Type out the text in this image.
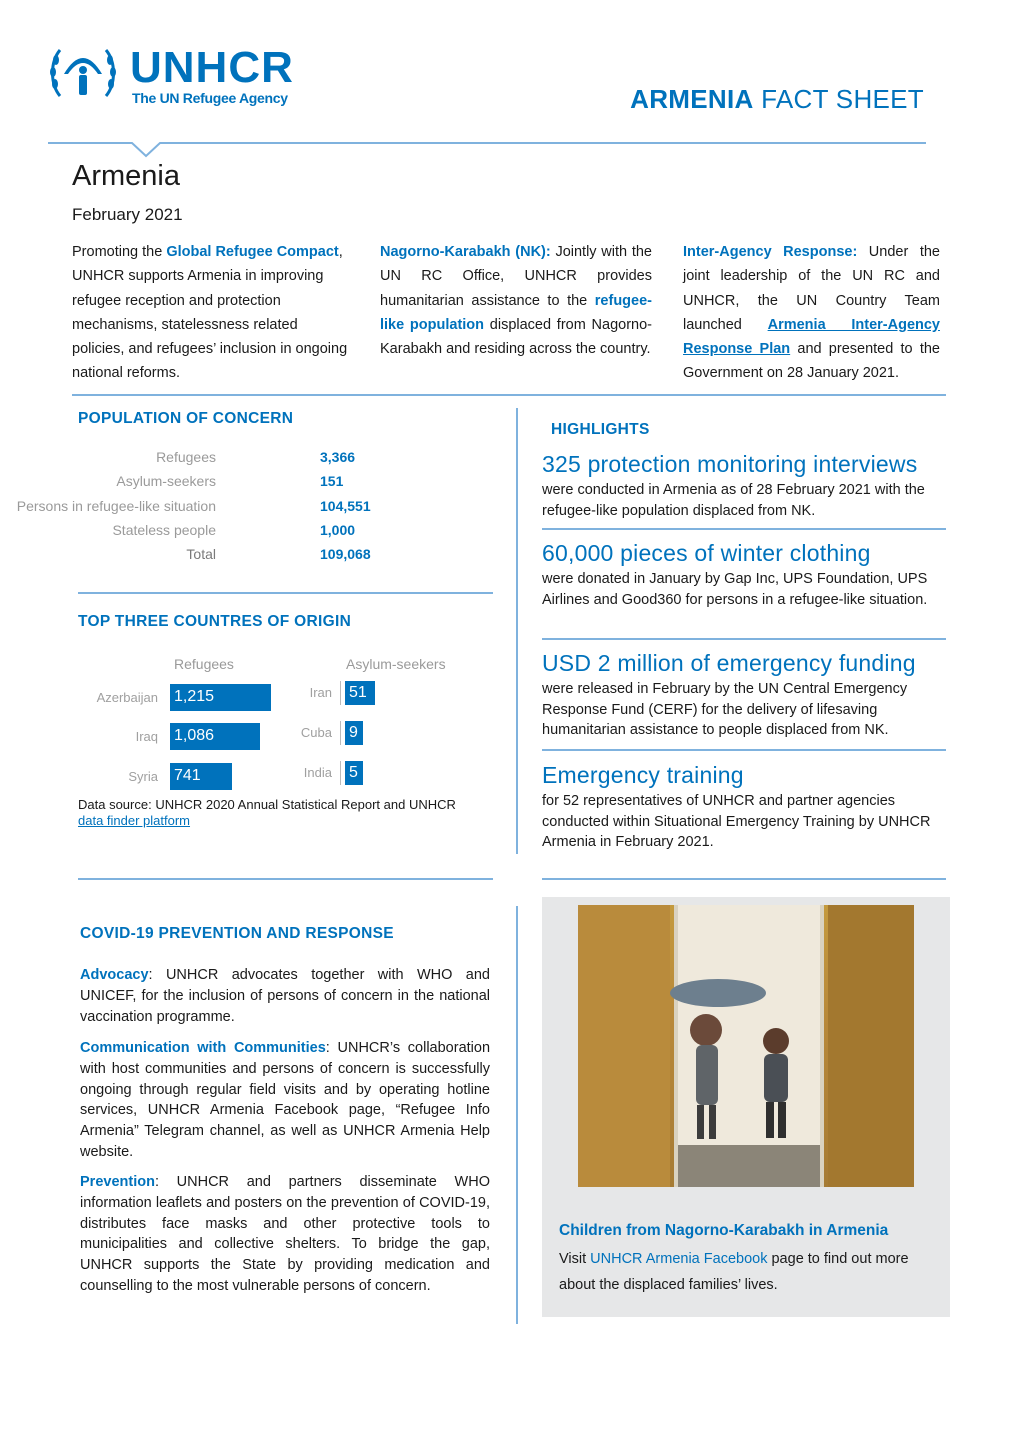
UNHCR
The UN Refugee Agency	ARMENIA FACT SHEET
Armenia
February 2021
Promoting the Global Refugee Compact, UNHCR supports Armenia in improving refugee reception and protection mechanisms, statelessness related policies, and refugees’ inclusion in ongoing national reforms.
Nagorno-Karabakh (NK): Jointly with the UN RC Office, UNHCR provides humanitarian assistance to the refugee-like population displaced from Nagorno-Karabakh and residing across the country.
Inter-Agency Response: Under the joint leadership of the UN RC and UNHCR, the UN Country Team launched Armenia Inter-Agency Response Plan and presented to the Government on 28 January 2021.
POPULATION OF CONCERN
Refugees	3,366
Asylum-seekers	151
Persons in refugee-like situation	104,551
Stateless people	1,000
Total	109,068
TOP THREE COUNTRES OF ORIGIN
Refugees	Asylum-seekers
Azerbaijan 1,215
Iraq 1,086
Syria 741
Iran 51
Cuba 9
India 5
Data source: UNHCR 2020 Annual Statistical Report and UNHCR
data finder platform
HIGHLIGHTS
325 protection monitoring interviews
were conducted in Armenia as of 28 February 2021 with the refugee-like population displaced from NK.
60,000 pieces of winter clothing
were donated in January by Gap Inc, UPS Foundation, UPS Airlines and Good360 for persons in a refugee-like situation.
USD 2 million of emergency funding
were released in February by the UN Central Emergency Response Fund (CERF) for the delivery of lifesaving humanitarian assistance to people displaced from NK.
Emergency training
for 52 representatives of UNHCR and partner agencies conducted within Situational Emergency Training by UNHCR Armenia in February 2021.
COVID-19 PREVENTION AND RESPONSE
Advocacy: UNHCR advocates together with WHO and UNICEF, for the inclusion of persons of concern in the national vaccination programme.
Communication with Communities: UNHCR’s collaboration with host communities and persons of concern is successfully ongoing through regular field visits and by operating hotline services, UNHCR Armenia Facebook page, “Refugee Info Armenia” Telegram channel, as well as UNHCR Armenia Help website.
Prevention: UNHCR and partners disseminate WHO information leaflets and posters on the prevention of COVID-19, distributes face masks and other protective tools to municipalities and collective shelters. To bridge the gap, UNHCR supports the State by providing medication and counselling to the most vulnerable persons of concern.
Children from Nagorno-Karabakh in Armenia
Visit UNHCR Armenia Facebook page to find out more about the displaced families’ lives.
